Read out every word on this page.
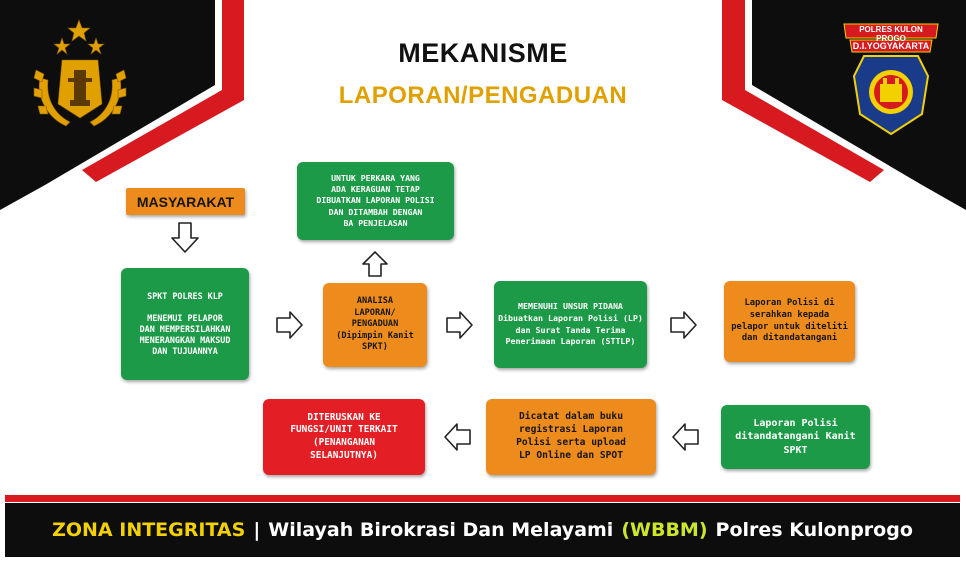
POLRES KULON PROGO
D.I.YOGYAKARTA
MEKANISME
LAPORAN/PENGADUAN
MASYARAKAT
UNTUK PERKARA YANG
ADA KERAGUAN TETAP
DIBUATKAN LAPORAN POLISI
DAN DITAMBAH DENGAN
BA PENJELASAN
SPKT POLRES KLP

MENEMUI PELAPOR
DAN MEMPERSILAHKAN
MENERANGKAN MAKSUD
DAN TUJUANNYA
ANALISA
LAPORAN/
PENGADUAN
(Dipimpin Kanit
SPKT)
MEMENUHI UNSUR PIDANA
Dibuatkan Laporan Polisi (LP)
dan Surat Tanda Terima
Penerimaan Laporan (STTLP)
Laporan Polisi di
serahkan kepada
pelapor untuk diteliti
dan ditandatangani
Laporan Polisi
ditandatangani Kanit
SPKT
Dicatat dalam buku
registrasi Laporan
Polisi serta upload
LP Online dan SPOT
DITERUSKAN KE
FUNGSI/UNIT TERKAIT
(PENANGANAN
SELANJUTNYA)
ZONA INTEGRITAS | Wilayah Birokrasi Dan Melayami (WBBM) Polres Kulonprogo
